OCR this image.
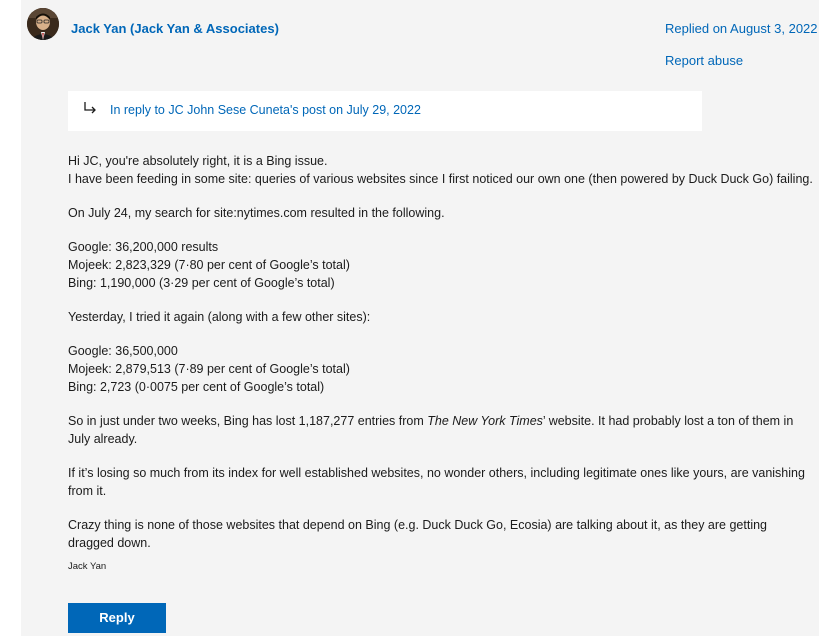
Jack Yan (Jack Yan & Associates)	Replied on August 3, 2022
Report abuse
In reply to JC John Sese Cuneta's post on July 29, 2022

Hi JC, you're absolutely right, it is a Bing issue.
I have been feeding in some site: queries of various websites since I first noticed our own one (then powered by Duck Duck Go) failing.

On July 24, my search for site:nytimes.com resulted in the following.

Google: 36,200,000 results
Mojeek: 2,823,329 (7·80 per cent of Google’s total)
Bing: 1,190,000 (3·29 per cent of Google’s total)

Yesterday, I tried it again (along with a few other sites):

Google: 36,500,000
Mojeek: 2,879,513 (7·89 per cent of Google’s total)
Bing: 2,723 (0·0075 per cent of Google’s total)

So in just under two weeks, Bing has lost 1,187,277 entries from The New York Times’ website. It had probably lost a ton of them in July already.

If it’s losing so much from its index for well established websites, no wonder others, including legitimate ones like yours, are vanishing from it.

Crazy thing is none of those websites that depend on Bing (e.g. Duck Duck Go, Ecosia) are talking about it, as they are getting dragged down.

Jack Yan
Reply
